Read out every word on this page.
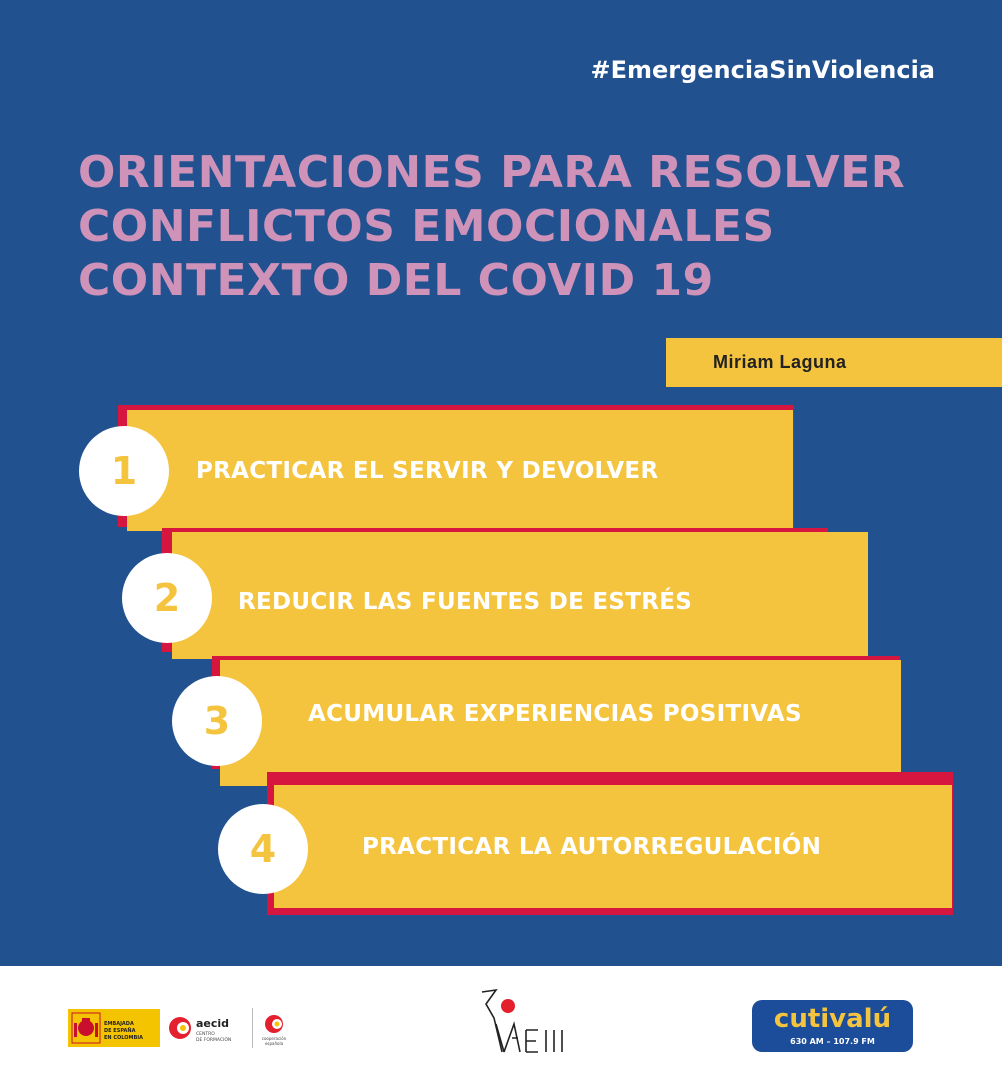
#EmergenciaSinViolencia
ORIENTACIONES PARA RESOLVER
CONFLICTOS EMOCIONALES
CONTEXTO DEL COVID 19
Miriam Laguna
1	PRACTICAR EL SERVIR Y DEVOLVER
2	REDUCIR LAS FUENTES DE ESTRÉS
3	ACUMULAR EXPERIENCIAS POSITIVAS
4	PRACTICAR LA AUTORREGULACIÓN
EMBAJADA
DE ESPAÑA
EN COLOMBIA
aecid
CENTRO
DE FORMACIÓN	cooperación
española
cutivalú
630 AM – 107.9 FM
